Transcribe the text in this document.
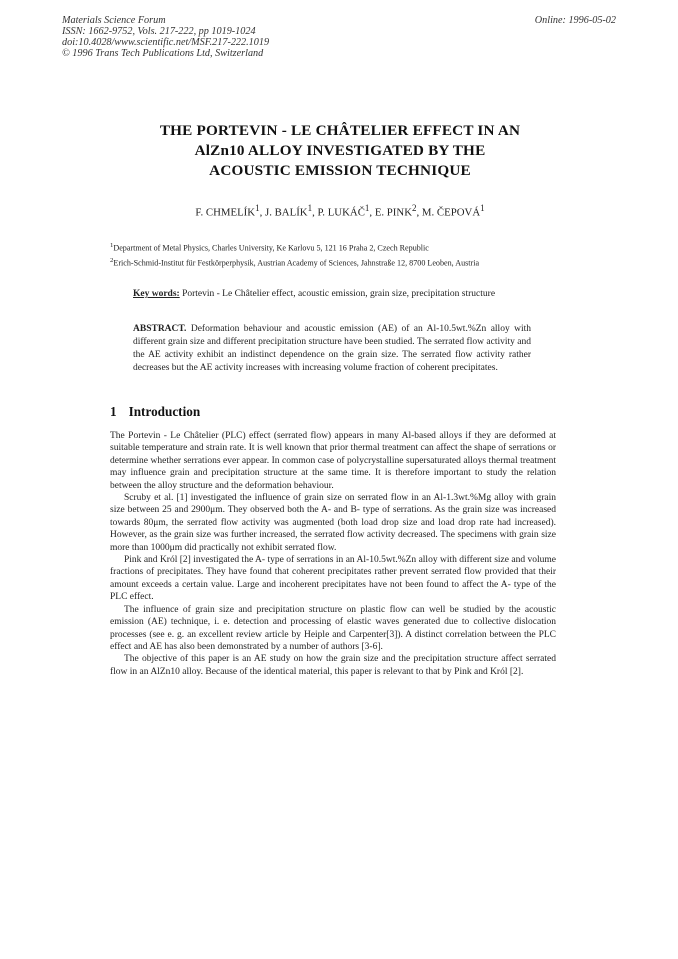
Materials Science Forum
ISSN: 1662-9752, Vols. 217-222, pp 1019-1024
doi:10.4028/www.scientific.net/MSF.217-222.1019
© 1996 Trans Tech Publications Ltd, Switzerland
Online: 1996-05-02
THE PORTEVIN - LE CHÂTELIER EFFECT IN AN
AlZn10 ALLOY INVESTIGATED BY THE
ACOUSTIC EMISSION TECHNIQUE
F. CHMELÍK$^1$, J. BALÍK$^1$, P. LUKÁČ$^1$, E. PINK$^2$, M. ČEPOVÁ$^1$

$^1$Department of Metal Physics, Charles University, Ke Karlovu 5, 121 16 Praha 2, Czech Republic

$^2$Erich-Schmid-Institut für Festkörperphysik, Austrian Academy of Sciences, Jahnstraße 12, 8700 Leoben, Austria

Key words: Portevin - Le Châtelier effect, acoustic emission, grain size, precipitation structure
ABSTRACT. Deformation behaviour and acoustic emission (AE) of an Al-10.5wt.%Zn alloy with different grain size and different precipitation structure have been studied. The serrated flow activity and the AE activity exhibit an indistinct dependence on the grain size. The serrated flow activity rather decreases but the AE activity increases with increasing volume fraction of coherent precipitates.
1 Introduction

The Portevin - Le Châtelier (PLC) effect (serrated flow) appears in many Al-based alloys if they are deformed at suitable temperature and strain rate. It is well known that prior thermal treatment can affect the shape of serrations or determine whether serrations ever appear. In common case of polycrystalline supersaturated alloys thermal treatment may influence grain and precipitation structure at the same time. It is therefore important to study the relation between the alloy structure and the deformation behaviour.

Scruby et al. [1] investigated the influence of grain size on serrated flow in an Al-1.3wt.%Mg alloy with grain size between 25 and 2900μm. They observed both the A- and B- type of serrations. As the grain size was increased towards 80μm, the serrated flow activity was augmented (both load drop size and load drop rate had increased). However, as the grain size was further increased, the serrated flow activity decreased. The specimens with grain size more than 1000μm did practically not exhibit serrated flow.

Pink and Król [2] investigated the A- type of serrations in an Al-10.5wt.%Zn alloy with different size and volume fractions of precipitates. They have found that coherent precipitates rather prevent serrated flow provided that their amount exceeds a certain value. Large and incoherent precipitates have not been found to affect the A- type of the PLC effect.

The influence of grain size and precipitation structure on plastic flow can well be studied by the acoustic emission (AE) technique, i. e. detection and processing of elastic waves generated due to collective dislocation processes (see e. g. an excellent review article by Heiple and Carpenter[3]). A distinct correlation between the PLC effect and AE has also been demonstrated by a number of authors [3-6].

The objective of this paper is an AE study on how the grain size and the precipitation structure affect serrated flow in an AlZn10 alloy. Because of the identical material, this paper is relevant to that by Pink and Król [2].
